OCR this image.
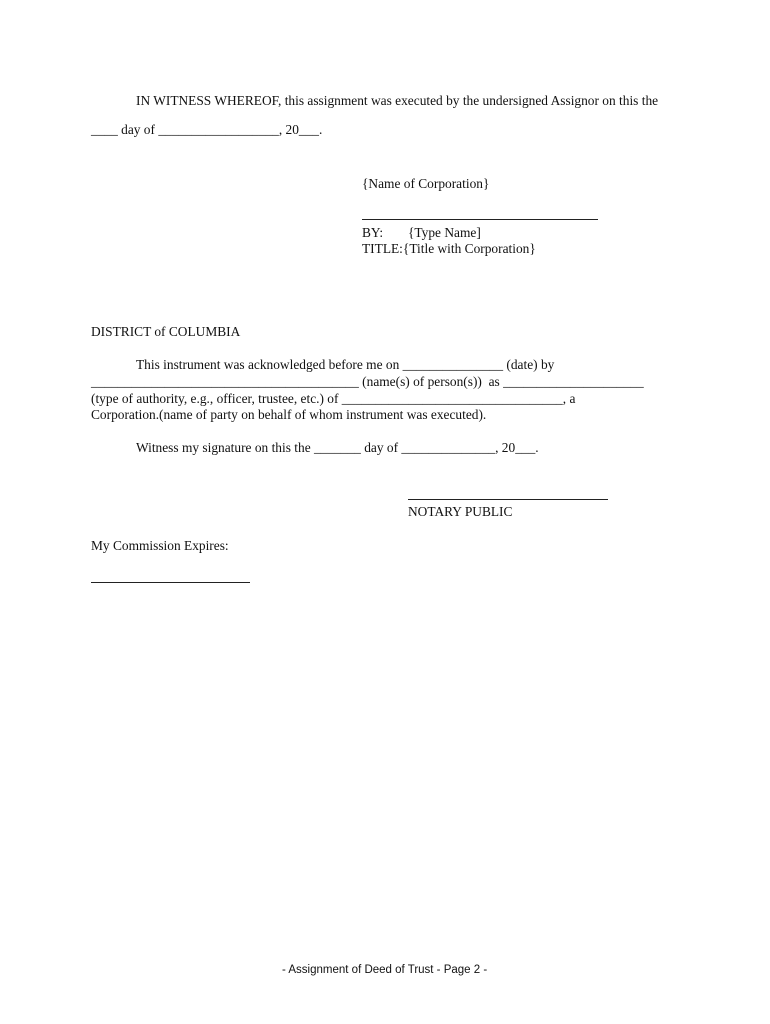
IN WITNESS WHEREOF, this assignment was executed by the undersigned Assignor on this the
____ day of __________________, 20___.
{Name of Corporation}
BY: {Type Name]
TITLE:{Title with Corporation}
DISTRICT of COLUMBIA
This instrument was acknowledged before me on _______________ (date) by
________________________________________ (name(s) of person(s))  as _____________________
(type of authority, e.g., officer, trustee, etc.) of _________________________________, a
Corporation.(name of party on behalf of whom instrument was executed).
Witness my signature on this the _______ day of ______________, 20___.
NOTARY PUBLIC
My Commission Expires:
- Assignment of Deed of Trust - Page 2 -
